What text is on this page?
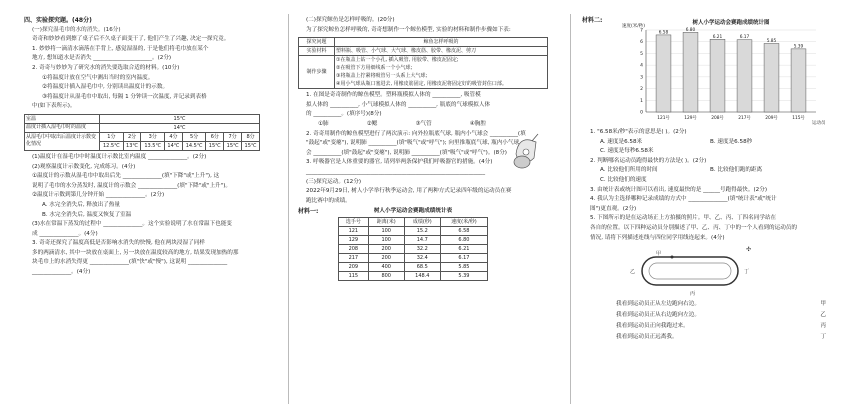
四、实验探究题。(48分)
(一)探究湿毛巾的水的消失。(16分)
奇奇和妙妙看到擦了桌子后不久桌子面变干了, 他们产生了兴趣, 决定一探究竟。
1. 妙妙将一滴清水滴落在手背上, 感觉湿湿的, 于是他们将毛巾放在某个
地方, 想知道水是否消失 _____________________。(2分)
2. 奇奇与妙妙为了研究水的消失要选取合适的材料。(10分)
①将温度计放在空气中测出当时的室内温度。
②将温度计插入湿毛巾中, 分别读出温度计的示数。
③将温度计从湿毛巾中取出, 每隔 1 分钟读一次温度, 并记录到表格
中(如下表所示)。
室温	15℃							
温度计插入湿毛巾时的温度	14℃							
从湿毛巾中取出后温度计示数变化情况	1分	2分	3分	4分	5分	6分	7分	8分
	12.5℃	13℃	13.5℃	14℃	14.5℃	15℃	15℃	15℃
(1)温度计在湿毛巾中时温度计示数比室内温度 ______________。(2分)
(2)观察温度计示数变化, 完成练习。(4分)
①温度计的示数从湿毛巾中取出后先 ______________(填"下降"或"上升"), 这
说明了毛巾的水分蒸发时, 温度计的示数会 ______________(填"下降"或"上升")。
②温度计示数到第几分钟开始 ______________。(2分)
A. 水完全消失后, 释放出了热量
B. 水完全消失后, 温度又恢复了室温
(3)水在常温下蒸发的过程中 ______________。这个实验说明了水在常温下也能变
成 ______________。(4分)
3. 奇奇还探究了温度高低是否影响水消失的快慢, 他在两块浸湿了同样
多的两滴清水, 其中一块放在桌面上, 另一块放在温度较高的地方, 结果发现加热的那
块毛巾上的水消失得更 ______________(填"快"或"慢"), 这说明 ______________
______________。(4分)
(二)探究鲸鱼是怎样呼吸的。(20分)
为了探究鲸鱼怎样呼吸的, 奇奇想制作一个鲸鱼模型, 实验的材料和制作步骤如下表:
探究问题	鲸鱼怎样呼吸的
实验材料	塑料瓶、吸管、小气球、大气球、橡皮筋、胶带、橡皮泥、剪刀
制作步骤	①在瓶盖上钻一个小孔, 插入吸管, 用胶带、橡皮泥固定;
②在吸管下方用细线系一个小气球;
③将瓶盖上拧紧将吸管另一头系上大气球;
④用小气球从瓶口塞进去, 用橡皮筋固定, 用橡皮泥将固定好的吸管封住口部。
1. 在图是奇奇制作的鲸鱼模型。塑料瓶模拟人体的 __________, 吸管模
拟人体的 __________, 小气球模拟人体的 __________, 瓶底的气球模拟人体
的 __________。(填序号)(8分)
①肺	②鳃	③气管	④胸腔
2. 奇奇用制作的鲸鱼模型进行了两次演示: 向外拉瓶底气球, 瓶内小气球会 __________(填
"鼓起"或"变瘪"), 说明肺 __________(填"吸气"或"呼气"); 向里推瓶底气球, 瓶内小气球
会 __________(填"鼓起"或"变瘪"), 说明肺 __________(填"吸气"或"呼气")。(8分)
3. 呼吸器官是人体重要的器官, 请列举两条保护我们呼吸器官的措施。(4分)
________________________________________________________________
(三)探究运动。(12分)
2022年9月29日, 树人小学举行秋季运动会, 用了两种方式记录四年级的运动员在赛
跑比赛中的成绩。
材料一:	树人小学运动会赛跑成绩统计表
选手号	距离(米)	成绩(秒)	速度(米/秒)
121	100	15.2	6.58
129	100	14.7	6.80
208	200	32.2	6.21
217	200	32.4	6.17
209	400	68.5	5.85
115	800	148.4	5.39
材料二:	树人小学运动会赛跑成绩统计图
速度(米/秒)
运动员
0
1
2
3
4
5
6
7	6.58
121号
6.80
129号
6.21
208号
6.17
217号
5.85
209号
5.39
115号
1. "6.58米/秒"表示的意思是( )。(2分)
A. 速度是6.58米	B. 速度是6.58秒
C. 速度是每秒6.58米
2. 判断哪名运动员跑得最快的方法是( )。(2分)
A. 比较他们所用的时间	B. 比较他们跑的距离
C. 比较他们的速度
3. 由统计表或统计图可以看出, 速度最快的是 ______号跑得最快。(2分)
4. 我认为主选择哪种记录成绩的方式中 ______________(填"统计表"或"统计
图")更直观。(2分)
5. 下图所示的是在运动场正上方拍摄的照片。甲、乙、丙、丁四名同学站在
各自的位置。以下四种运动员分别描述了甲、乙、丙、丁中的一个人看到的运动员的
情况, 请将下列描述连线与四位同学用线连起来。(4分)
甲
乙
丙
丁
✣
我看到运动员正从左边跑向右边。	甲
我看到运动员正从右边跑向左边。	乙
我看到运动员正向我跑过来。	丙
我看到运动员正远离我。	丁
